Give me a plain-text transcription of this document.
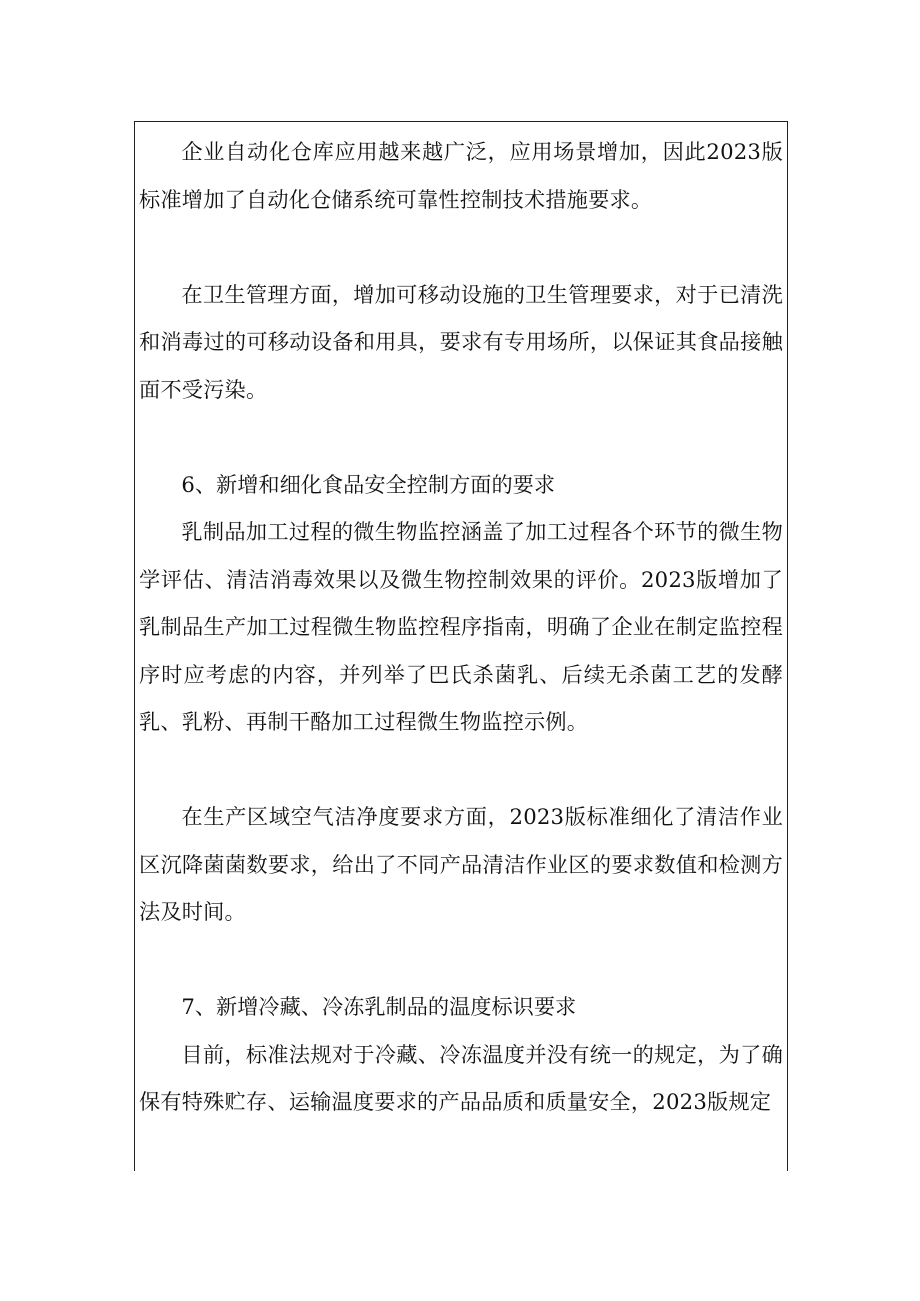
企业自动化仓库应用越来越广泛，应用场景增加，因此2023版标准增加了自动化仓储系统可靠性控制技术措施要求。

在卫生管理方面，增加可移动设施的卫生管理要求，对于已清洗和消毒过的可移动设备和用具，要求有专用场所，以保证其食品接触面不受污染。

6、新增和细化食品安全控制方面的要求

乳制品加工过程的微生物监控涵盖了加工过程各个环节的微生物学评估、清洁消毒效果以及微生物控制效果的评价。2023版增加了乳制品生产加工过程微生物监控程序指南，明确了企业在制定监控程序时应考虑的内容，并列举了巴氏杀菌乳、后续无杀菌工艺的发酵乳、乳粉、再制干酪加工过程微生物监控示例。

在生产区域空气洁净度要求方面，2023版标准细化了清洁作业区沉降菌菌数要求，给出了不同产品清洁作业区的要求数值和检测方法及时间。

7、新增冷藏、冷冻乳制品的温度标识要求

目前，标准法规对于冷藏、冷冻温度并没有统一的规定，为了确保有特殊贮存、运输温度要求的产品品质和质量安全，2023版规定
